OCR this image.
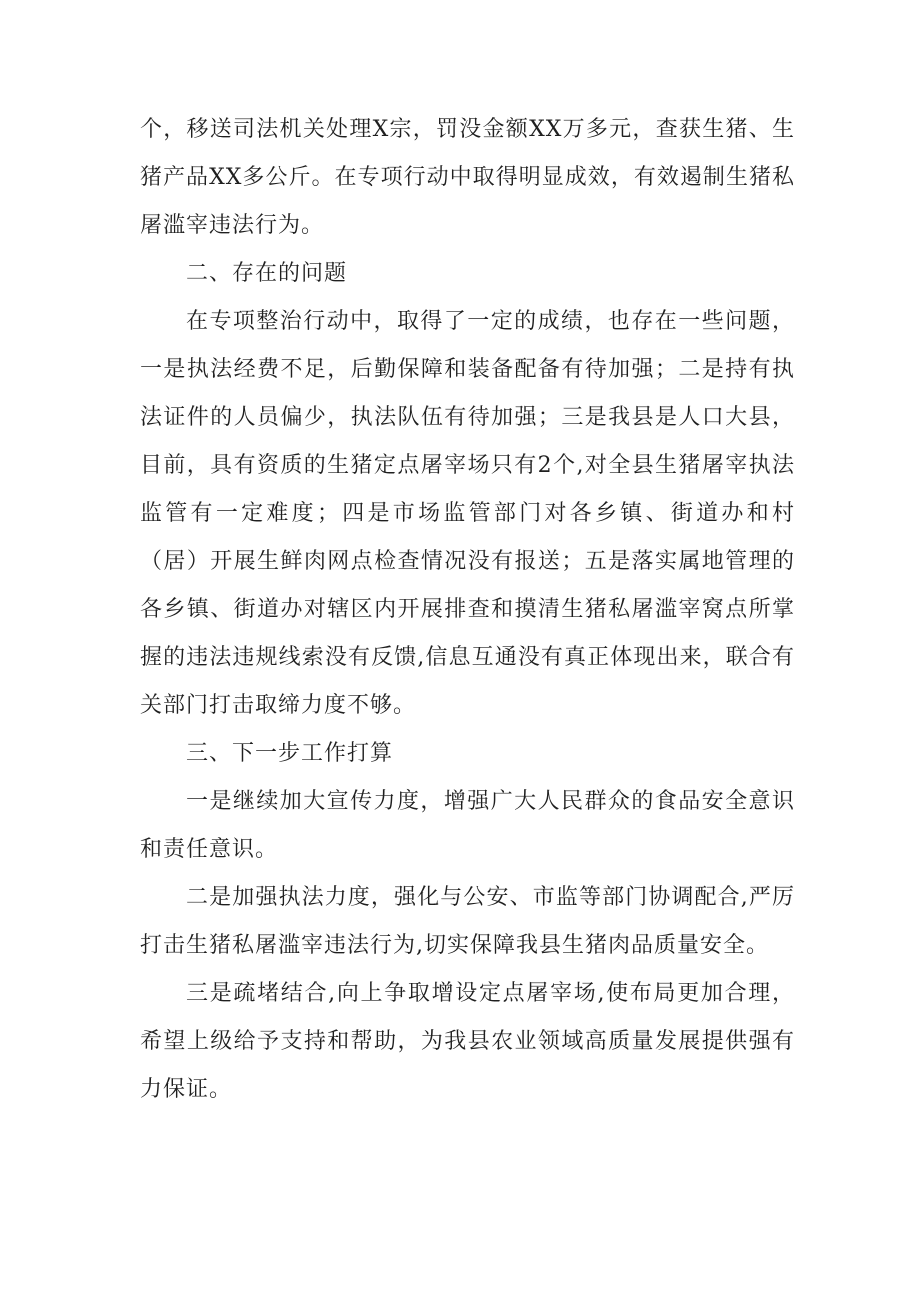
个，移送司法机关处理X宗，罚没金额XX万多元，查获生猪、生猪产品XX多公斤。在专项行动中取得明显成效，有效遏制生猪私屠滥宰违法行为。

二、存在的问题

在专项整治行动中，取得了一定的成绩，也存在一些问题，一是执法经费不足，后勤保障和装备配备有待加强；二是持有执法证件的人员偏少，执法队伍有待加强；三是我县是人口大县，目前，具有资质的生猪定点屠宰场只有2个,对全县生猪屠宰执法监管有一定难度；四是市场监管部门对各乡镇、街道办和村（居）开展生鲜肉网点检查情况没有报送；五是落实属地管理的各乡镇、街道办对辖区内开展排查和摸清生猪私屠滥宰窝点所掌握的违法违规线索没有反馈,信息互通没有真正体现出来，联合有关部门打击取缔力度不够。

三、下一步工作打算

一是继续加大宣传力度，增强广大人民群众的食品安全意识和责任意识。

二是加强执法力度，强化与公安、市监等部门协调配合,严厉打击生猪私屠滥宰违法行为,切实保障我县生猪肉品质量安全。

三是疏堵结合,向上争取增设定点屠宰场,使布局更加合理，希望上级给予支持和帮助，为我县农业领域高质量发展提供强有力保证。
